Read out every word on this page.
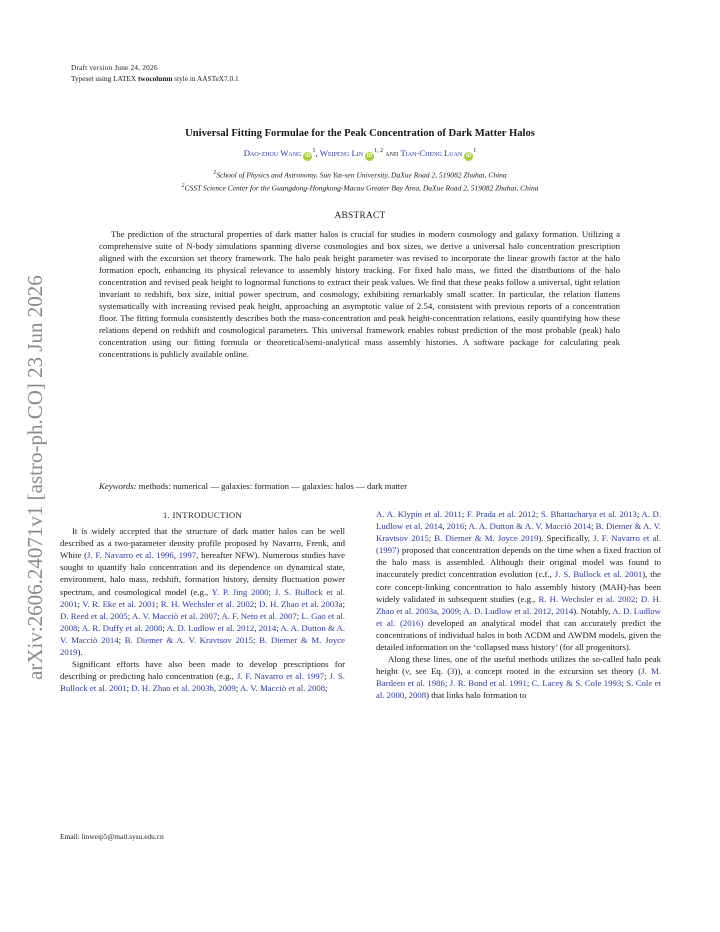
Draft version June 24, 2026
Typeset using LATEX twocolumn style in AASTeX7.0.1
arXiv:2606.24071v1 [astro-ph.CO] 23 Jun 2026
Universal Fitting Formulae for the Peak Concentration of Dark Matter Halos
Dao-zhou Wang $iD^1$, Weipeng Lin iD$^{1, 2}$ and Tian-Cheng Luan $iD^1$
$^1$School of Physics and Astronomy, Sun Yat-sen University, DaXue Road 2, 519082 Zhuhai, China
$^2$CSST Science Center for the Guangdong-Hongkong-Macau Greater Bay Area, DaXue Road 2, 519082 Zhuhai, China
ABSTRACT
The prediction of the structural properties of dark matter halos is crucial for studies in modern cosmology and galaxy formation. Utilizing a comprehensive suite of N-body simulations spanning diverse cosmologies and box sizes, we derive a universal halo concentration prescription aligned with the excursion set theory framework. The halo peak height parameter was revised to incorporate the linear growth factor at the halo formation epoch, enhancing its physical relevance to assembly history tracking. For fixed halo mass, we fitted the distributions of the halo concentration and revised peak height to lognormal functions to extract their peak values. We find that these peaks follow a universal, tight relation invariant to redshift, box size, initial power spectrum, and cosmology, exhibiting remarkably small scatter. In particular, the relation flattens systematically with increasing revised peak height, approaching an asymptotic value of 2.54, consistent with previous reports of a concentration floor. The fitting formula consistently describes both the mass-concentration and peak height-concentration relations, easily quantifying how these relations depend on redshift and cosmological parameters. This universal framework enables robust prediction of the most probable (peak) halo concentration using our fitting formula or theoretical/semi-analytical mass assembly histories. A software package for calculating peak concentrations is publicly available online.
Keywords: methods: numerical — galaxies: formation — galaxies: halos — dark matter
1. INTRODUCTION

It is widely accepted that the structure of dark matter halos can be well described as a two-parameter density profile proposed by Navarro, Frenk, and White (J. F. Navarro et al. 1996, 1997, hereafter NFW). Numerous studies have sought to quantify halo concentration and its dependence on dynamical state, environment, halo mass, redshift, formation history, density fluctuation power spectrum, and cosmological model (e.g., Y. P. Jing 2000; J. S. Bullock et al. 2001; V. R. Eke et al. 2001; R. H. Wechsler et al. 2002; D. H. Zhao et al. 2003a; D. Reed et al. 2005; A. V. Macciò et al. 2007; A. F. Neto et al. 2007; L. Gao et al. 2008; A. R. Duffy et al. 2008; A. D. Ludlow et al. 2012, 2014; A. A. Dutton & A. V. Macciò 2014; B. Diemer & A. V. Kravtsov 2015; B. Diemer & M. Joyce 2019).

Significant efforts have also been made to develop prescriptions for describing or predicting halo concentration (e.g., J. F. Navarro et al. 1997; J. S. Bullock et al. 2001; D. H. Zhao et al. 2003b, 2009; A. V. Macciò et al. 2008;

A. A. Klypin et al. 2011; F. Prada et al. 2012; S. Bhattacharya et al. 2013; A. D. Ludlow et al. 2014, 2016; A. A. Dutton & A. V. Macciò 2014; B. Diemer & A. V. Kravtsov 2015; B. Diemer & M. Joyce 2019). Specifically, J. F. Navarro et al. (1997) proposed that concentration depends on the time when a fixed fraction of the halo mass is assembled. Although their original model was found to inaccurately predict concentration evolution (c.f., J. S. Bullock et al. 2001), the core concept-linking concentration to halo assembly history (MAH)-has been widely validated in subsequent studies (e.g., R. H. Wechsler et al. 2002; D. H. Zhao et al. 2003a, 2009; A. D. Ludlow et al. 2012, 2014). Notably, A. D. Ludlow et al. (2016) developed an analytical model that can accurately predict the concentrations of individual halos in both ΛCDM and ΛWDM models, given the detailed information on the ‘collapsed mass history’ (for all progenitors).

Along these lines, one of the useful methods utilizes the so-called halo peak height (ν, see Eq. (3)), a concept rooted in the excursion set theory (J. M. Bardeen et al. 1986; J. R. Bond et al. 1991; C. Lacey & S. Cole 1993; S. Cole et al. 2000, 2008) that links halo formation to

Email: linweip5@mail.sysu.edu.cn
